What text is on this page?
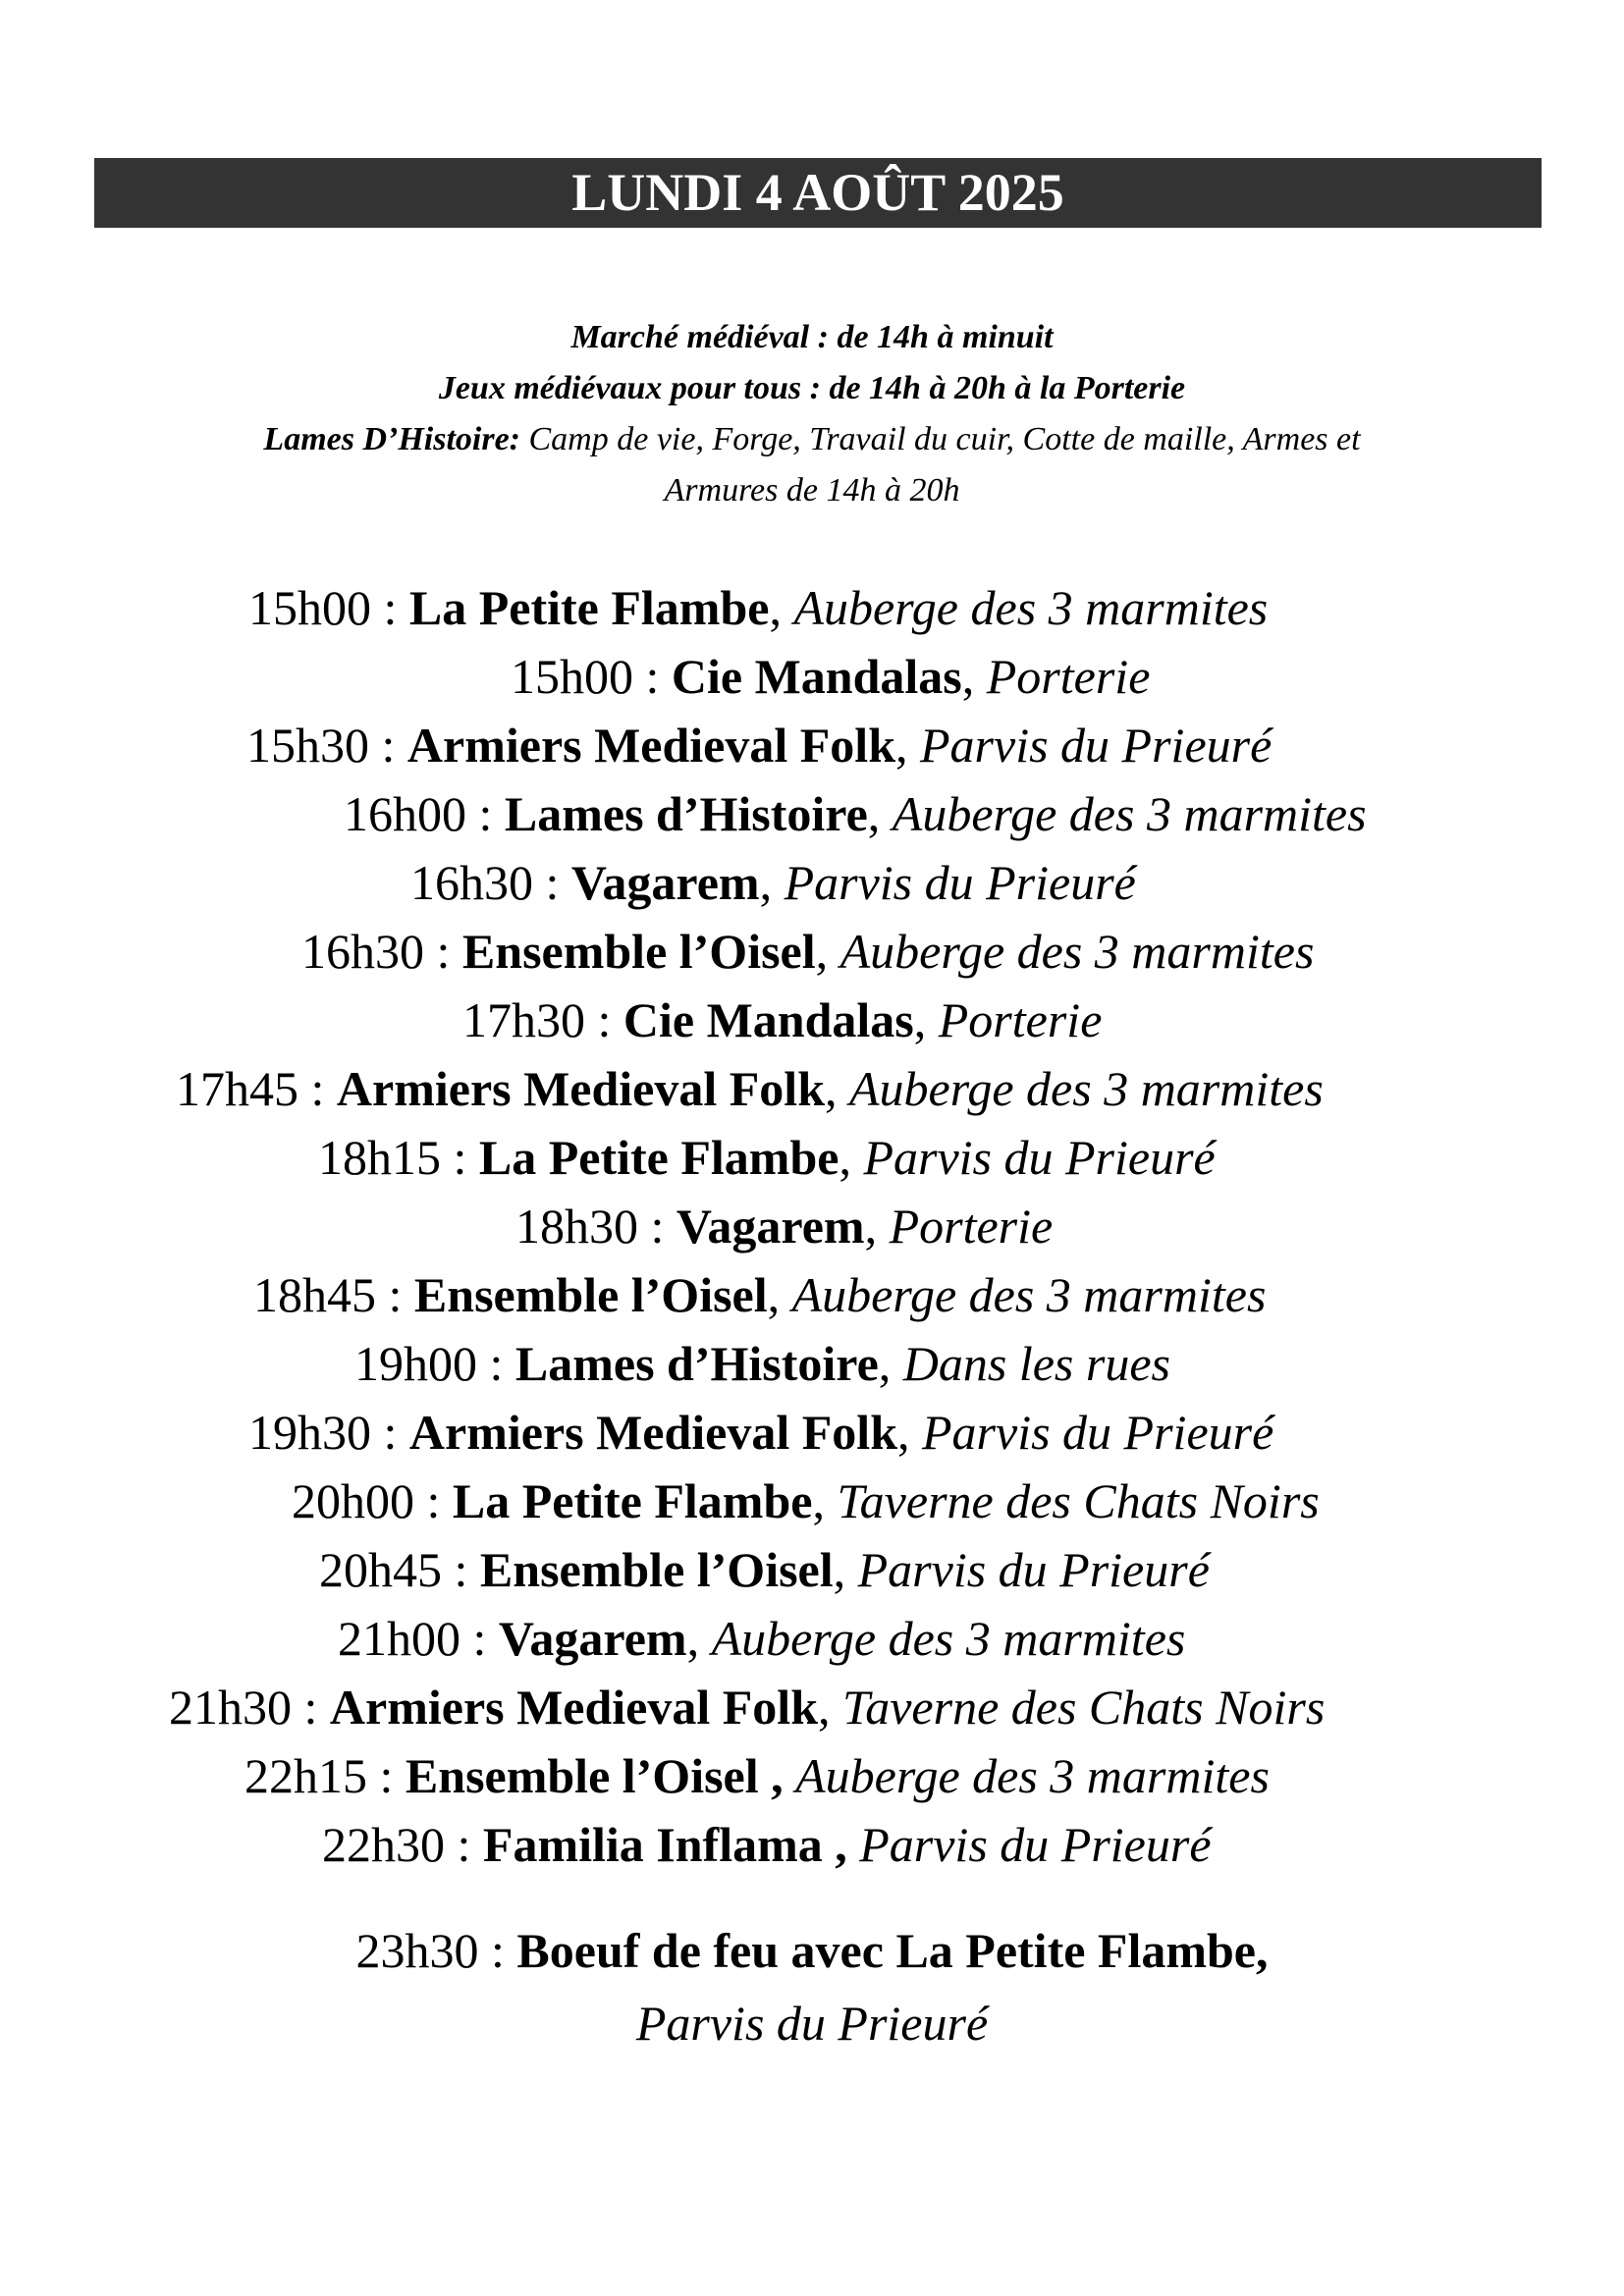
LUNDI 4 AOÛT 2025
Marché médiéval : de 14h à minuit
Jeux médiévaux pour tous : de 14h à 20h à la Porterie
Lames D’Histoire: Camp de vie, Forge, Travail du cuir, Cotte de maille, Armes et
Armures de 14h à 20h
15h00 : La Petite Flambe, Auberge des 3 marmites
15h00 : Cie Mandalas, Porterie
15h30 : Armiers Medieval Folk, Parvis du Prieuré
16h00 : Lames d’Histoire, Auberge des 3 marmites
16h30 : Vagarem, Parvis du Prieuré
16h30 : Ensemble l’Oisel, Auberge des 3 marmites
17h30 : Cie Mandalas, Porterie
17h45 : Armiers Medieval Folk, Auberge des 3 marmites
18h15 : La Petite Flambe, Parvis du Prieuré
18h30 : Vagarem, Porterie
18h45 : Ensemble l’Oisel, Auberge des 3 marmites
19h00 : Lames d’Histoire, Dans les rues
19h30 : Armiers Medieval Folk, Parvis du Prieuré
20h00 : La Petite Flambe, Taverne des Chats Noirs
20h45 : Ensemble l’Oisel, Parvis du Prieuré
21h00 : Vagarem, Auberge des 3 marmites
21h30 : Armiers Medieval Folk, Taverne des Chats Noirs
22h15 : Ensemble l’Oisel , Auberge des 3 marmites
22h30 : Familia Inflama , Parvis du Prieuré
23h30 : Boeuf de feu avec La Petite Flambe,
Parvis du Prieuré
